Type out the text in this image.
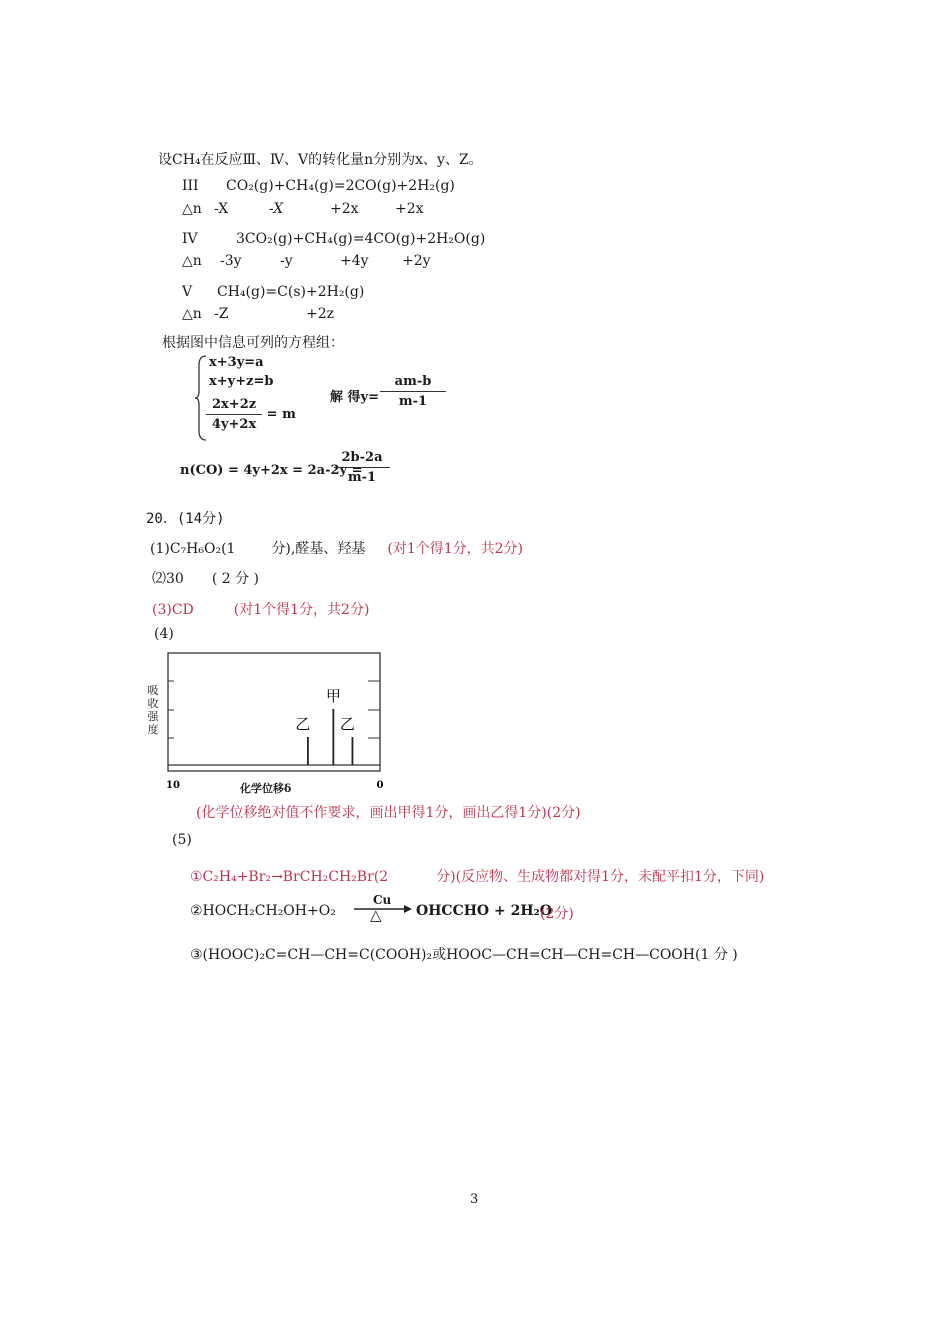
设CH₄在反应Ⅲ、Ⅳ、Ⅴ的转化量n分别为x、y、Z。
III CO₂(g)+CH₄(g)=2CO(g)+2H₂(g)
△n -X	-X	+2x	+2x
IV	3CO₂(g)+CH₄(g)=4CO(g)+2H₂O(g)
△n -3y	-y	+4y +2y
V CH₄(g)=C(s)+2H₂(g)
△n -Z	+2z
根据图中信息可列的方程组：
x+3y=a
x+y+z=b
$\frac{2x+2z}{4y+2x} = m$
解 得$y= \frac{am-b}{m-1}$
n(CO) = 4y+2x = 2a-2y =
$\frac{2b-2a}{m-1}$
20．(14分)
(1)C₇H₆O₂(1	分),醛基、羟基 (对1个得1分，共2分)
⑵30 ( 2 分 )
(3)CD	(对1个得1分，共2分)
(4)
吸收强度	乙
甲
乙
10	0
化学位移δ
(化学位移绝对值不作要求，画出甲得1分，画出乙得1分)(2分)
(5)
①C₂H₄+Br₂→BrCH₂CH₂Br(2	分)(反应物、生成物都对得1分，未配平扣1分，下同)
②HOCH₂CH₂OH+O₂
Cu
△ OHCCHO + 2H₂O
(2分)
③(HOOC)₂C=CH—CH=C(COOH)₂或HOOC—CH=CH—CH=CH—COOH(1 分 )
3
